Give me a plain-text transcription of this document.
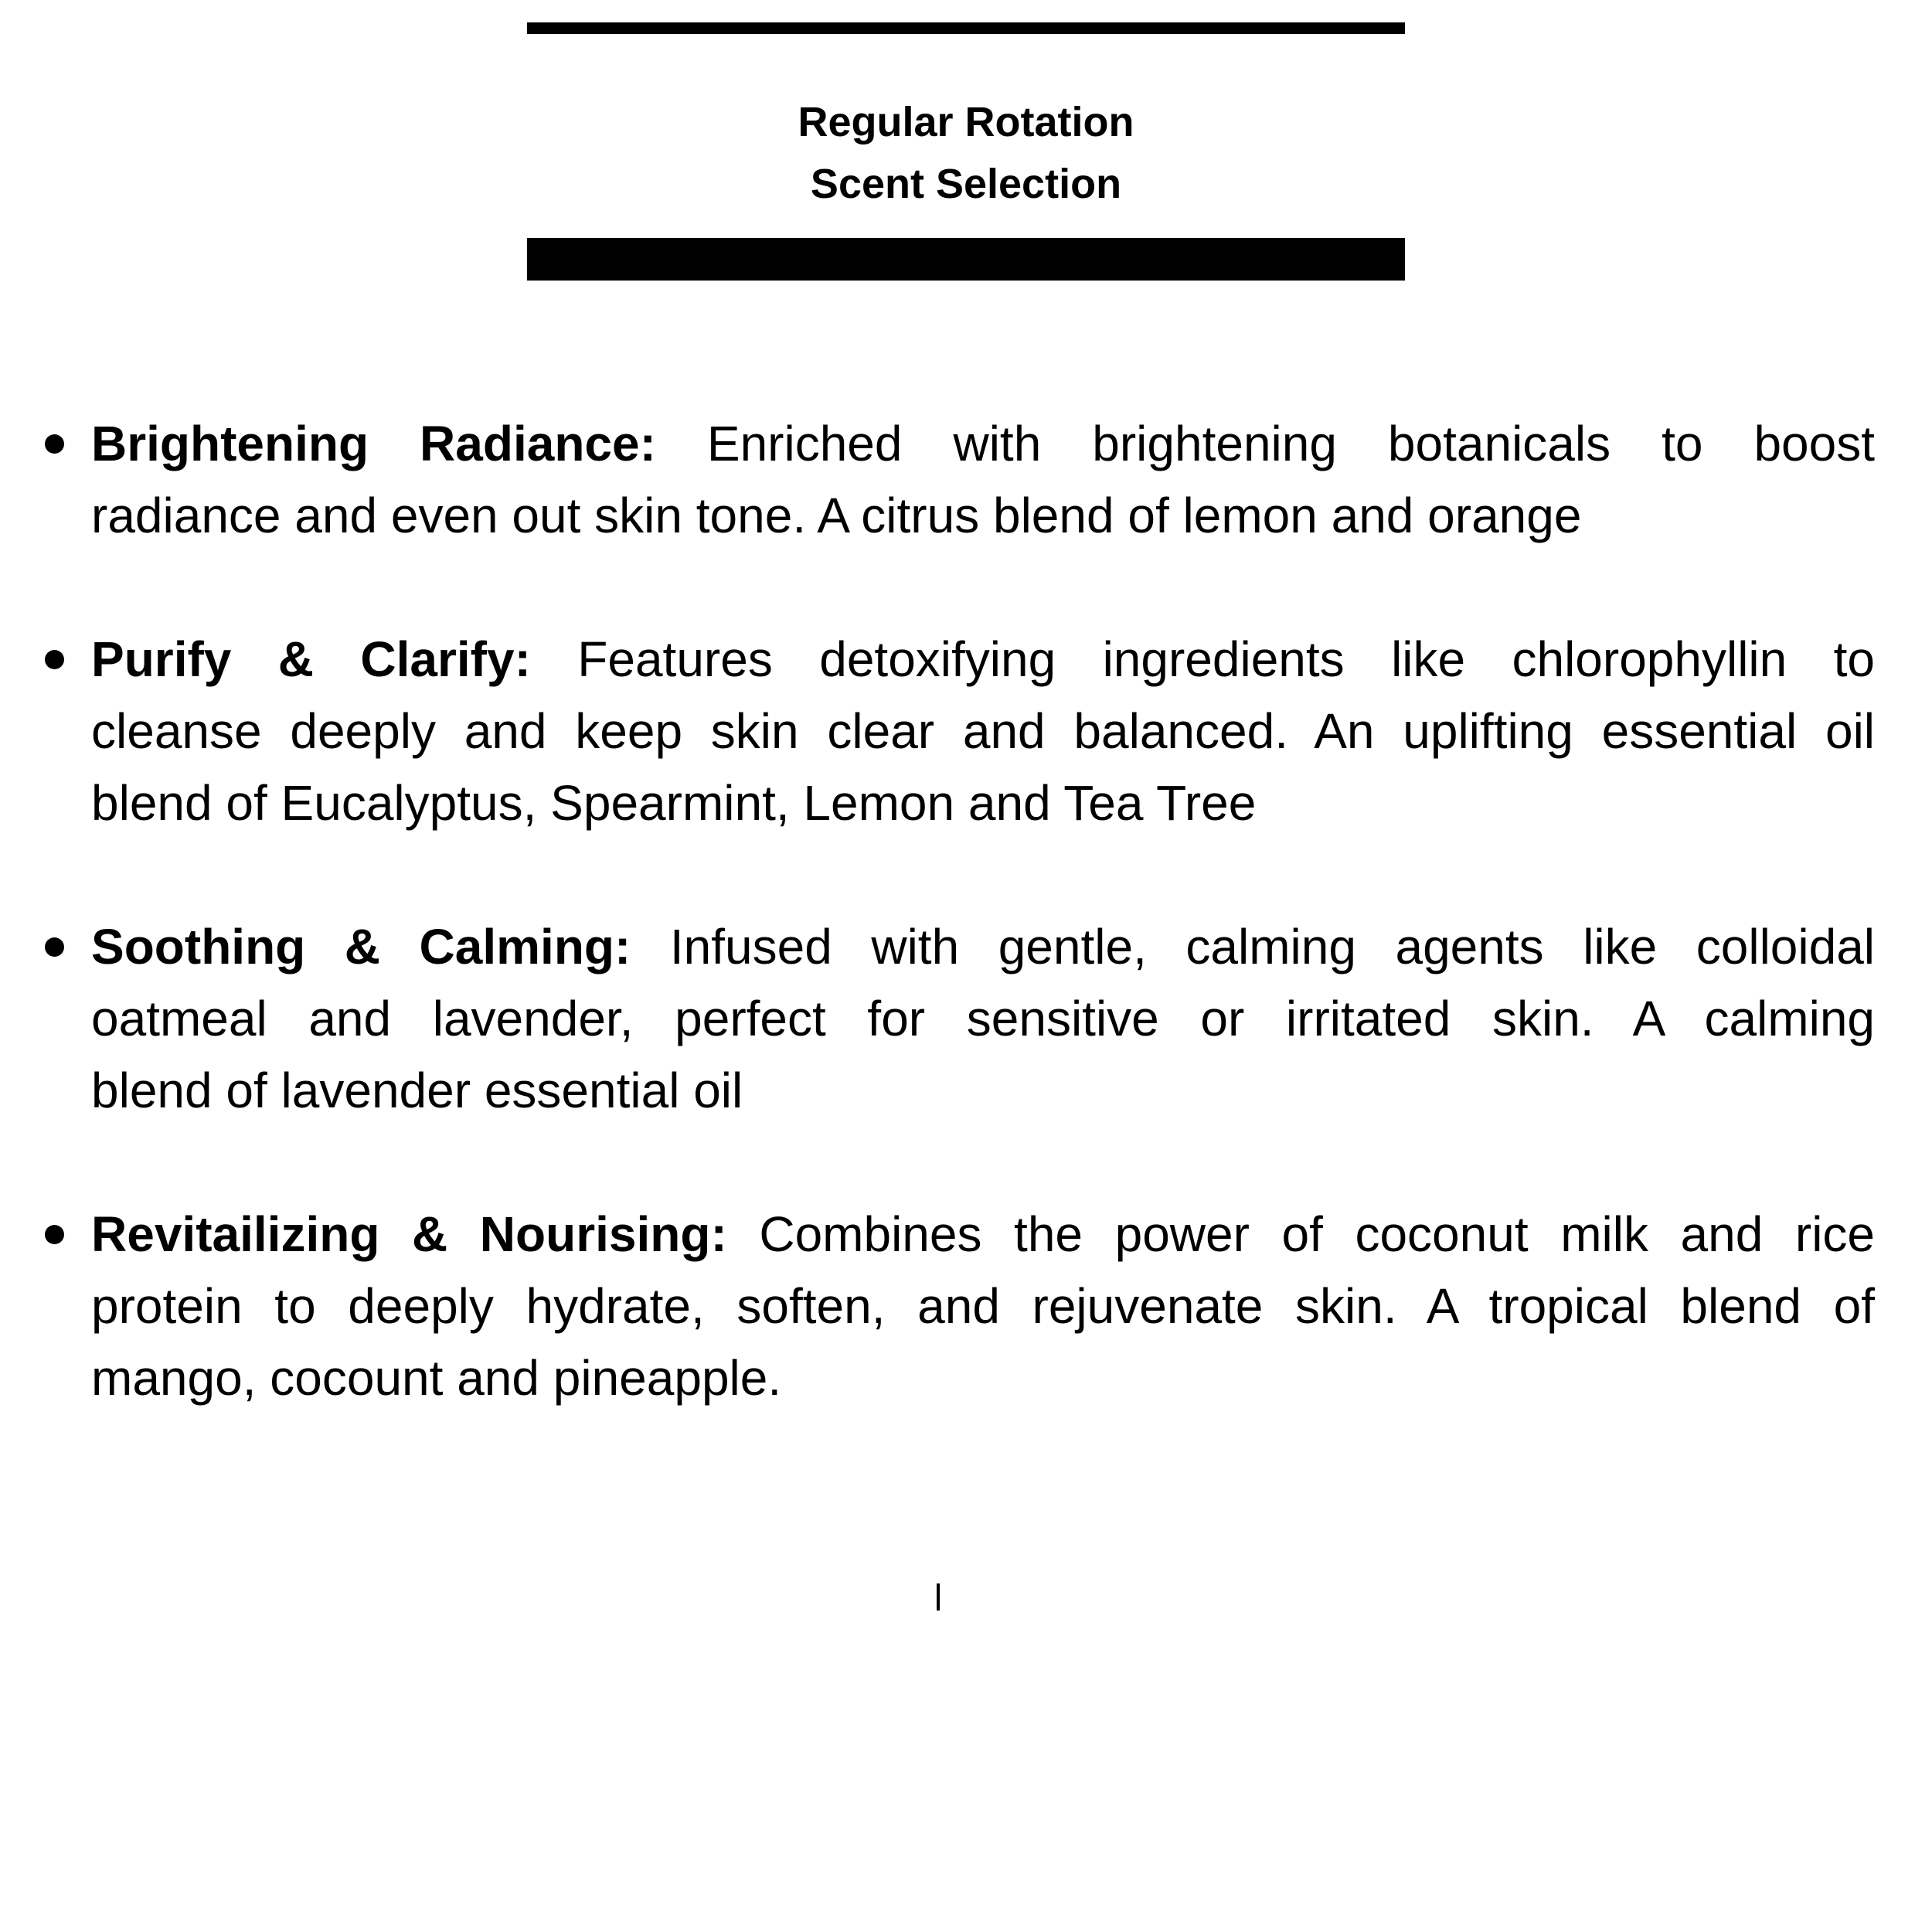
Regular Rotation
Scent Selection
Brightening Radiance: Enriched with brightening botanicals to boost
radiance and even out skin tone. A citrus blend of lemon and orange
Purify & Clarify: Features detoxifying ingredients like chlorophyllin to
cleanse deeply and keep skin clear and balanced. An uplifting essential oil
blend of Eucalyptus, Spearmint, Lemon and Tea Tree
Soothing & Calming: Infused with gentle, calming agents like colloidal
oatmeal and lavender, perfect for sensitive or irritated skin. A calming
blend of lavender essential oil
Revitailizing & Nourising: Combines the power of coconut milk and rice
protein to deeply hydrate, soften, and rejuvenate skin. A tropical blend of
mango, cocount and pineapple.
